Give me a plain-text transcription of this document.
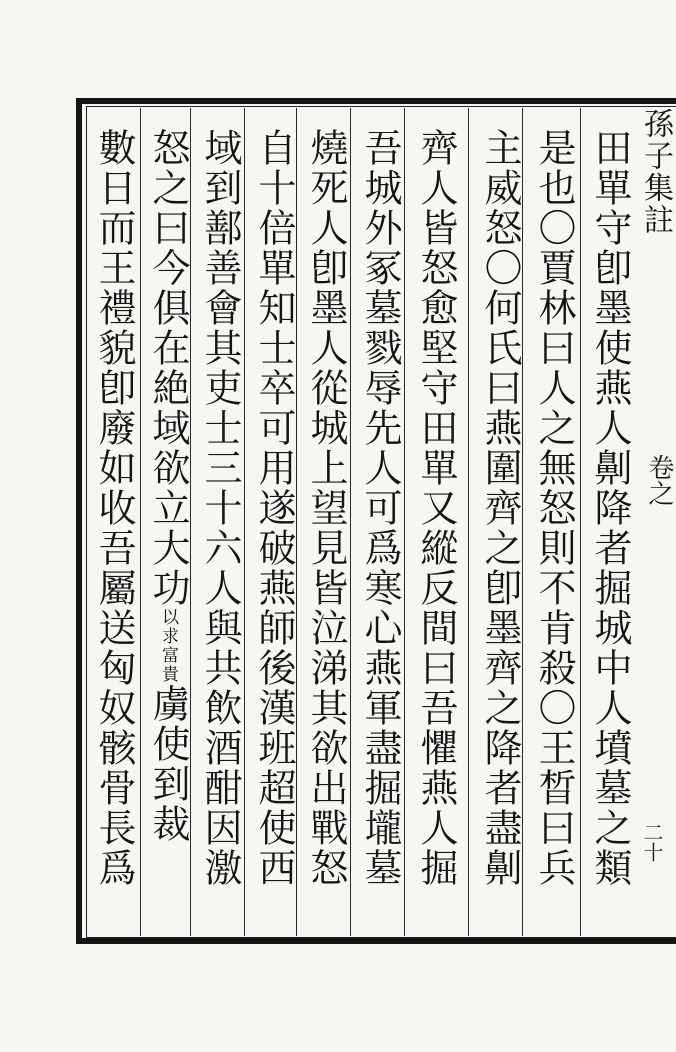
田單守卽墨使燕人劓降者掘城中人墳墓之類
是也〇賈林曰人之無怒則不肯殺〇王晳曰兵
主威怒〇何氏曰燕圍齊之卽墨齊之降者盡劓
齊人皆怒愈堅守田單又縱反間曰吾懼燕人掘
吾城外冢墓戮辱先人可爲寒心燕軍盡掘壠墓
燒死人卽墨人從城上望見皆泣涕其欲出戰怒
自十倍單知士卒可用遂破燕師後漢班超使西
域到鄯善會其吏士三十六人與共飲酒酣因激
怒之曰今俱在絶域欲立大功以求富貴虜使到裁
數日而王禮貌卽廢如收吾屬送匈奴骸骨長爲	孫子集註
卷之
二十
